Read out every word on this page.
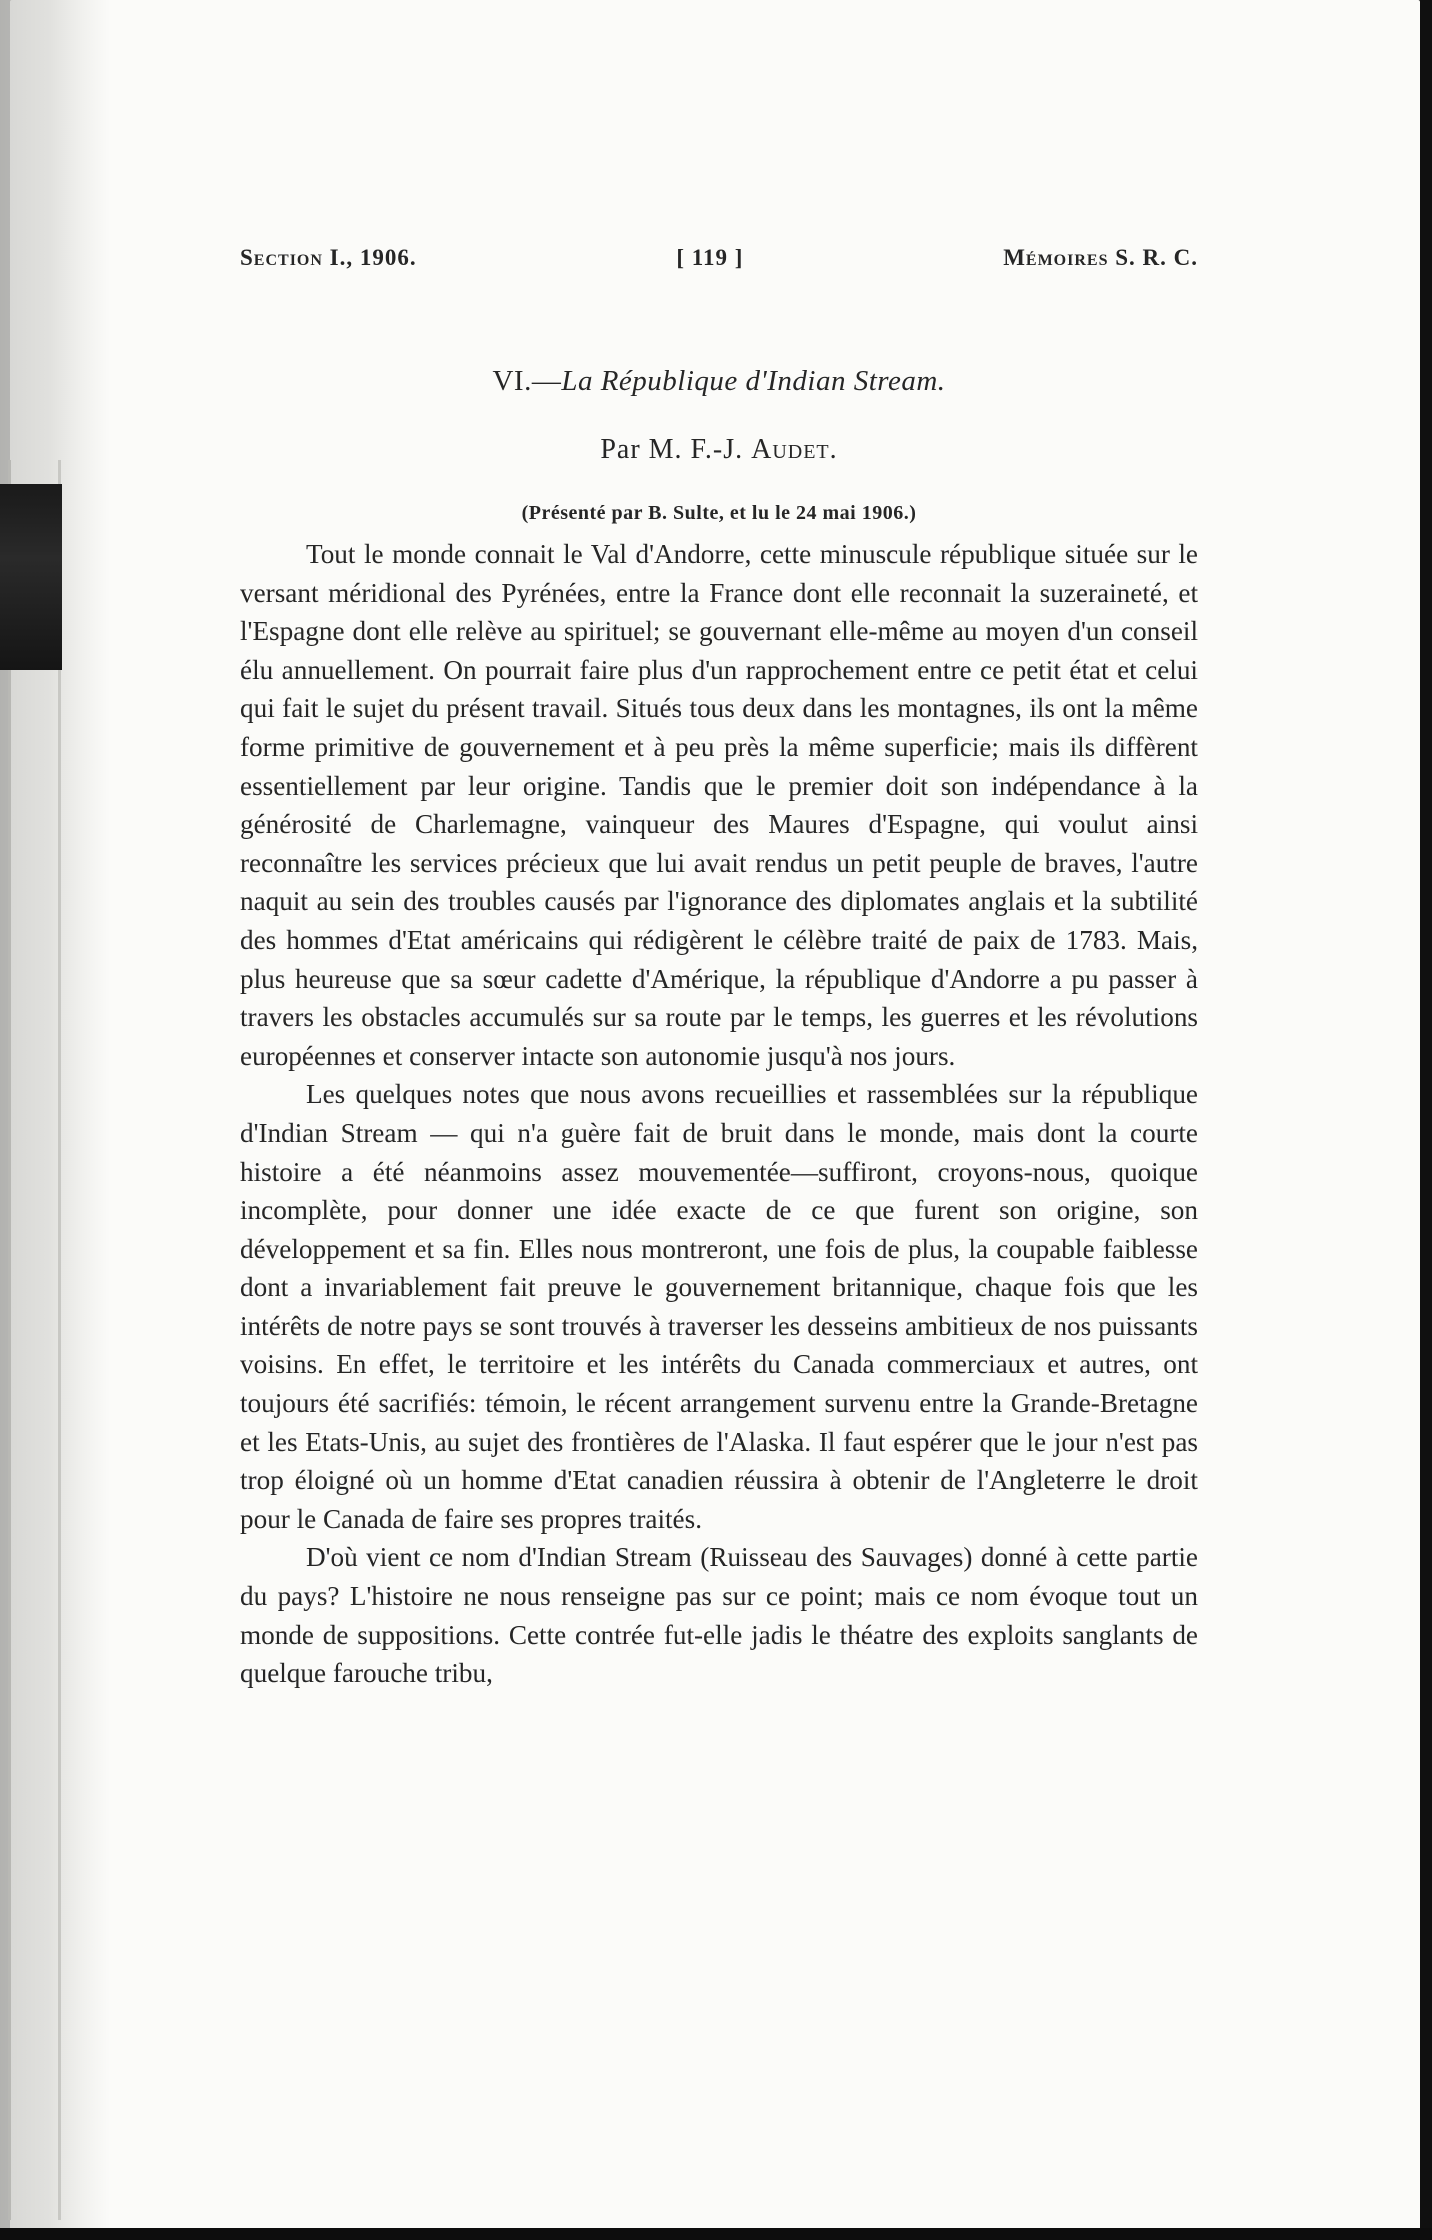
Section I., 1906.	[ 119 ]	Mémoires S. R. C.
VI.—La République d'Indian Stream.
Par M. F.-J. Audet.
(Présenté par B. Sulte, et lu le 24 mai 1906.)

Tout le monde connait le Val d'Andorre, cette minuscule république située sur le versant méridional des Pyrénées, entre la France dont elle reconnait la suzeraineté, et l'Espagne dont elle relève au spirituel; se gouvernant elle-même au moyen d'un conseil élu annuellement. On pourrait faire plus d'un rapprochement entre ce petit état et celui qui fait le sujet du présent travail. Situés tous deux dans les montagnes, ils ont la même forme primitive de gouvernement et à peu près la même superficie; mais ils diffèrent essentiellement par leur origine. Tandis que le premier doit son indépendance à la générosité de Charlemagne, vainqueur des Maures d'Espagne, qui voulut ainsi reconnaître les services précieux que lui avait rendus un petit peuple de braves, l'autre naquit au sein des troubles causés par l'ignorance des diplomates anglais et la subtilité des hommes d'Etat américains qui rédigèrent le célèbre traité de paix de 1783. Mais, plus heureuse que sa sœur cadette d'Amérique, la république d'Andorre a pu passer à travers les obstacles accumulés sur sa route par le temps, les guerres et les révolutions européennes et conserver intacte son autonomie jusqu'à nos jours.

Les quelques notes que nous avons recueillies et rassemblées sur la république d'Indian Stream — qui n'a guère fait de bruit dans le monde, mais dont la courte histoire a été néanmoins assez mouvementée—suffiront, croyons-nous, quoique incomplète, pour donner une idée exacte de ce que furent son origine, son développement et sa fin. Elles nous montreront, une fois de plus, la coupable faiblesse dont a invariablement fait preuve le gouvernement britannique, chaque fois que les intérêts de notre pays se sont trouvés à traverser les desseins ambitieux de nos puissants voisins. En effet, le territoire et les intérêts du Canada commerciaux et autres, ont toujours été sacrifiés: témoin, le récent arrangement survenu entre la Grande-Bretagne et les Etats-Unis, au sujet des frontières de l'Alaska. Il faut espérer que le jour n'est pas trop éloigné où un homme d'Etat canadien réussira à obtenir de l'Angleterre le droit pour le Canada de faire ses propres traités.

D'où vient ce nom d'Indian Stream (Ruisseau des Sauvages) donné à cette partie du pays? L'histoire ne nous renseigne pas sur ce point; mais ce nom évoque tout un monde de suppositions. Cette contrée fut-elle jadis le théatre des exploits sanglants de quelque farouche tribu,
